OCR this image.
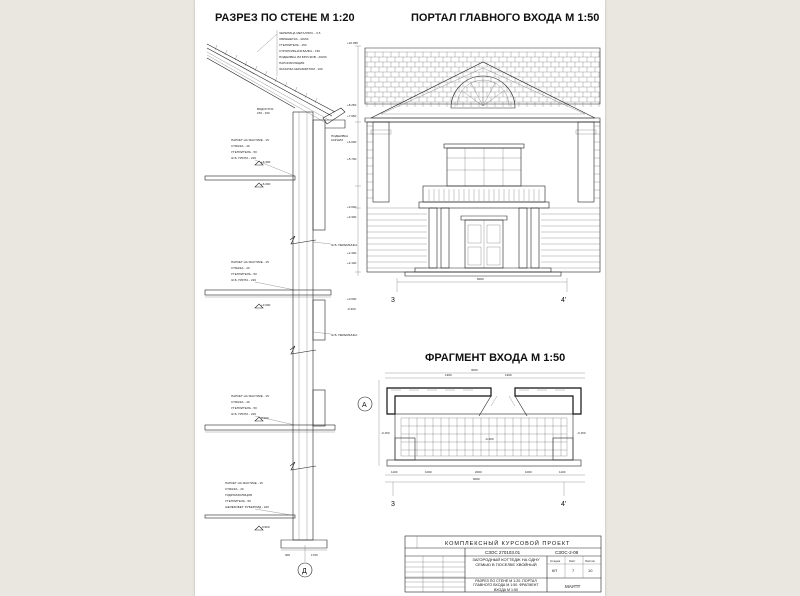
РАЗРЕЗ ПО СТЕНЕ М 1:20	ПОРТАЛ ГЛАВНОГО ВХОДА М 1:50
ФРАГМЕНТ ВХОДА М 1:50
ЧЕРЕПИЦА МЕТАЛЛИЧ. - 0,5
ОБРЕШЕТКА - 40х50
УТЕПЛИТЕЛЬ - 150
СТРОПИЛЬНАЯ БАЛКА - 150
ПОДШИВКА ИЗ БРУСКОВ - 40х50
ПАРОИЗОЛЯЦИЯ
ЗАСЫПКА КЕРАМЗИТОМ - 100
ВОДОСТОК
150 - 150
ПОДШИВКА
КАРНИЗ
ПАРКЕТ НА МАСТИКЕ - 15
СТЯЖКА - 40
УТЕПЛИТЕЛЬ - 50
Ж.Б. ПЛИТА - 220
ПАРКЕТ НА МАСТИКЕ - 15
СТЯЖКА - 40
УТЕПЛИТЕЛЬ - 50
Ж.Б. ПЛИТА - 220
ПАРКЕТ НА МАСТИКЕ - 15
СТЯЖКА - 40
УТЕПЛИТЕЛЬ - 50
Ж.Б. ПЛИТА - 220
ПАРКЕТ НА МАСТИКЕ - 15
СТЯЖКА - 40
ГИДРОИЗОЛЯЦИЯ
УТЕПЛИТЕЛЬ - 50
ЖЕЛЕЗОБЕТ. РУБЕРОИД - 220
Ж.Б. ПЕРЕМЫЧКА
Ж.Б. ПЕРЕМЫЧКА
+6.300
+6.000
+3.000
0.000
-0.900
+8.250
+7.650
+6.000
+5.700
+3.600
+3.300
+2.400
+2.100
+0.000
-0.300
А
Д
300	1700
6000
3	4'
+10.050
3000
1300	1300
1100	1000	2000	1000	1100
6000
-0.150	-0.150
-0.300
3	4'
КОМПЛЕКСНЫЙ КУРСОВОЙ ПРОЕКТ
СЗОС 270103.01	СЗОС-2-08
ЗАГОРОДНЫЙ КОТТЕДЖ НА ОДНУ СЕМЬЮ В ПОСЕЛКЕ ХВОЙНЫЙ
РАЗРЕЗ ПО СТЕНЕ М 1:20. ПОРТАЛ ГЛАВНОГО ВХОДА М 1:50. ФРАГМЕНТ ВХОДА М 1:50
Стадия	Лист	Листов
КП	7	10
МАУПТ
